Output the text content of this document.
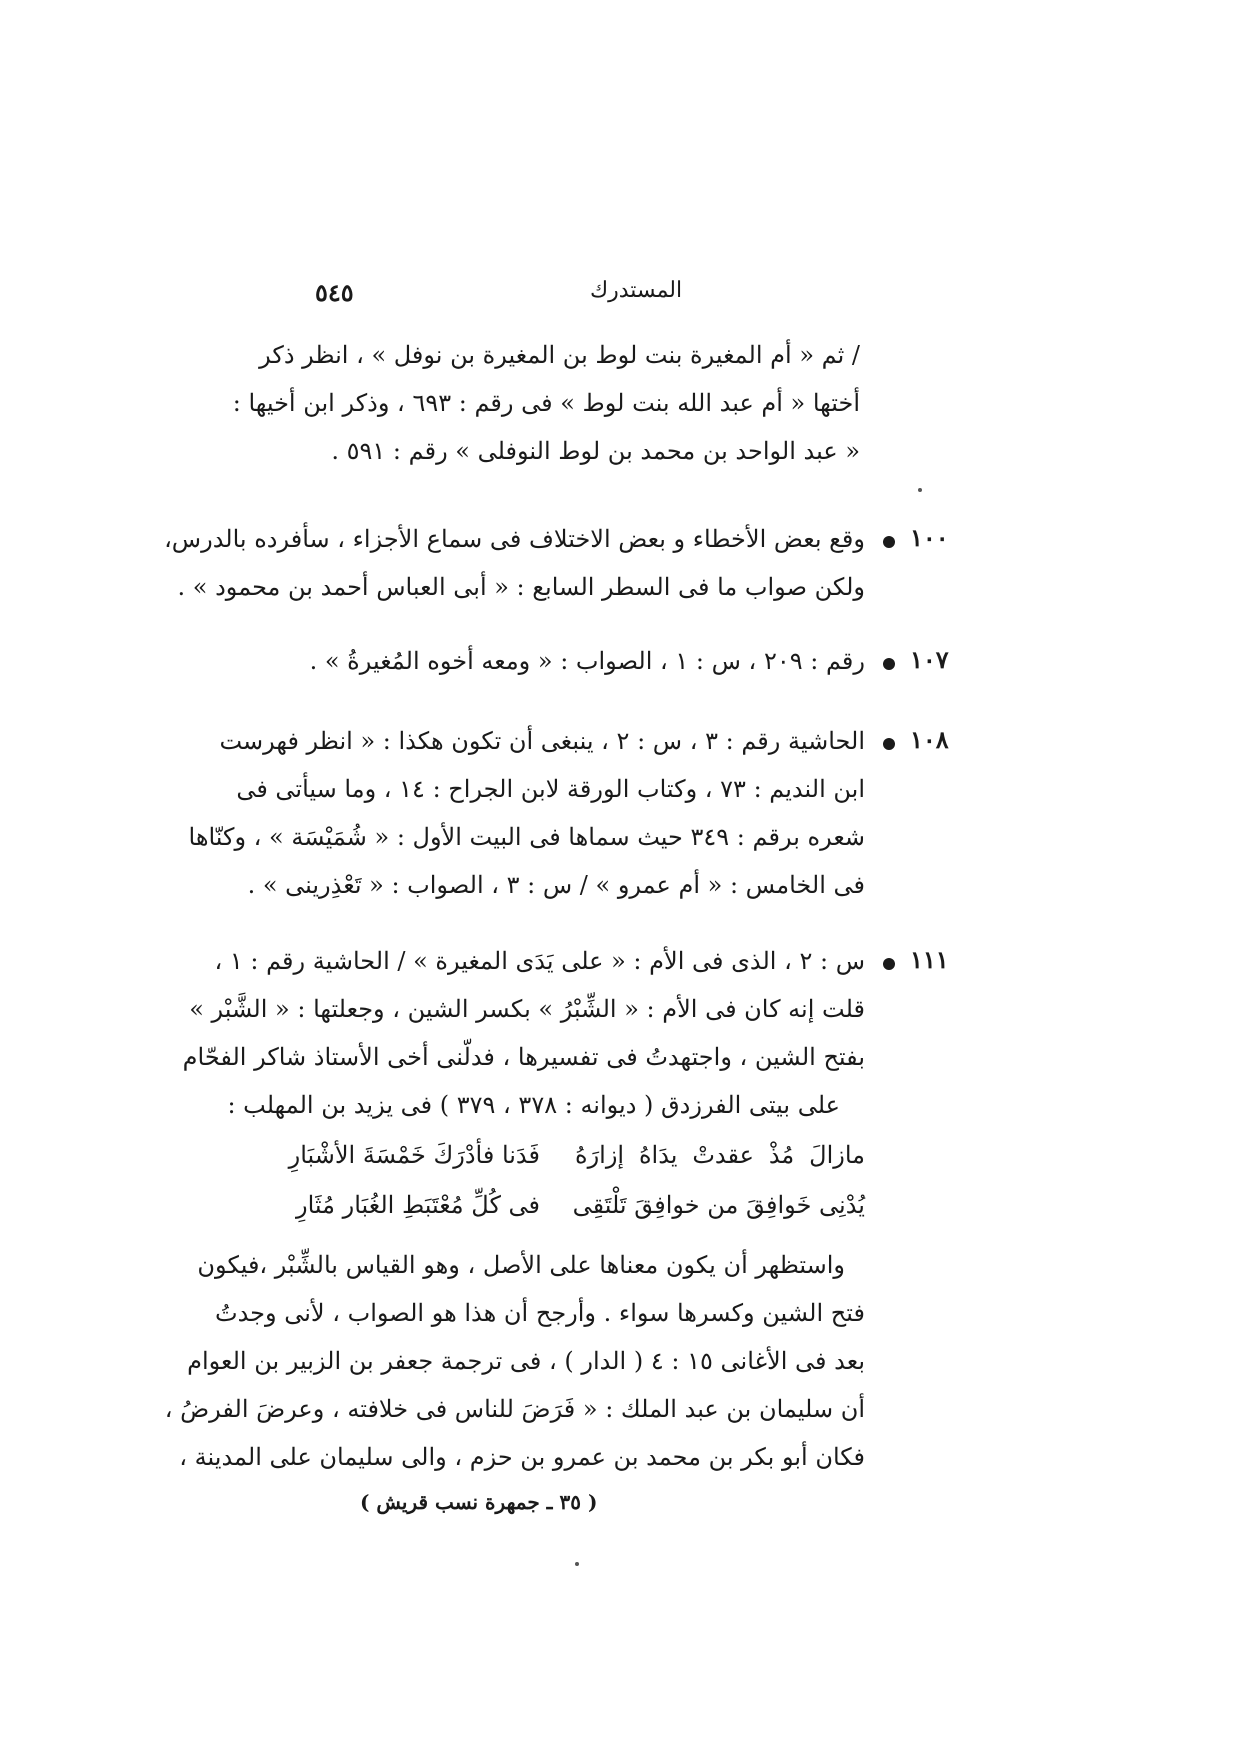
٥٤٥	المستدرك
/ ثم « أم المغيرة بنت لوط بن المغيرة بن نوفل » ، انظر ذكر
أختها « أم عبد الله بنت لوط » فى رقم : ٦٩٣ ، وذكر ابن أخيها :
« عبد الواحد بن محمد بن لوط النوفلى » رقم : ٥٩١ .
١٠٠
وقع بعض الأخطاء و بعض الاختلاف فى سماع الأجزاء ، سأفرده بالدرس،
ولكن صواب ما فى السطر السابع : « أبى العباس أحمد بن محمود » .
١٠٧
رقم : ٢٠٩ ، س : ١ ، الصواب : « ومعه أخوه المُغيرةُ » .
١٠٨
الحاشية رقم : ٣ ، س : ٢ ، ينبغى أن تكون هكذا : « انظر فهرست
ابن النديم : ٧٣ ، وكتاب الورقة لابن الجراح : ١٤ ، وما سيأتى فى
شعره برقم : ٣٤٩ حيث سماها فى البيت الأول : « شُمَيْسَة » ، وكنّاها
فى الخامس : « أم عمرو » / س : ٣ ، الصواب : « تَعْذِرينى » .
١١١
س : ٢ ، الذى فى الأم : « على يَدَى المغيرة » / الحاشية رقم : ١ ،
قلت إنه كان فى الأم : « الشِّبْرُ » بكسر الشين ، وجعلتها : « الشَّبْر »
بفتح الشين ، واجتهدتُ فى تفسيرها ، فدلّنى أخى الأستاذ شاكر الفحّام
على بيتى الفرزدق ( ديوانه : ٣٧٨ ، ٣٧٩ ) فى يزيد بن المهلب :
مازالَ مُذْ عقدتْ يدَاهُ إزارَهُ
فَدَنا فأدْرَكَ خَمْسَةَ الأشْبَارِ
يُدْنِى خَوافِقَ من خوافِقَ تَلْتَقِى
فى كُلِّ مُعْتَبَطِ الغُبَار مُثَارِ
واستظهر أن يكون معناها على الأصل ، وهو القياس بالشِّبْر ،فيكون
فتح الشين وكسرها سواء . وأرجح أن هذا هو الصواب ، لأنى وجدتُ
بعد فى الأغانى ١٥ : ٤ ( الدار ) ، فى ترجمة جعفر بن الزبير بن العوام
أن سليمان بن عبد الملك : « فَرَضَ للناس فى خلافته ، وعرضَ الفرضُ ،
فكان أبو بكر بن محمد بن عمرو بن حزم ، والى سليمان على المدينة ،
( ٣٥ ـ جمهرة نسب قريش )
